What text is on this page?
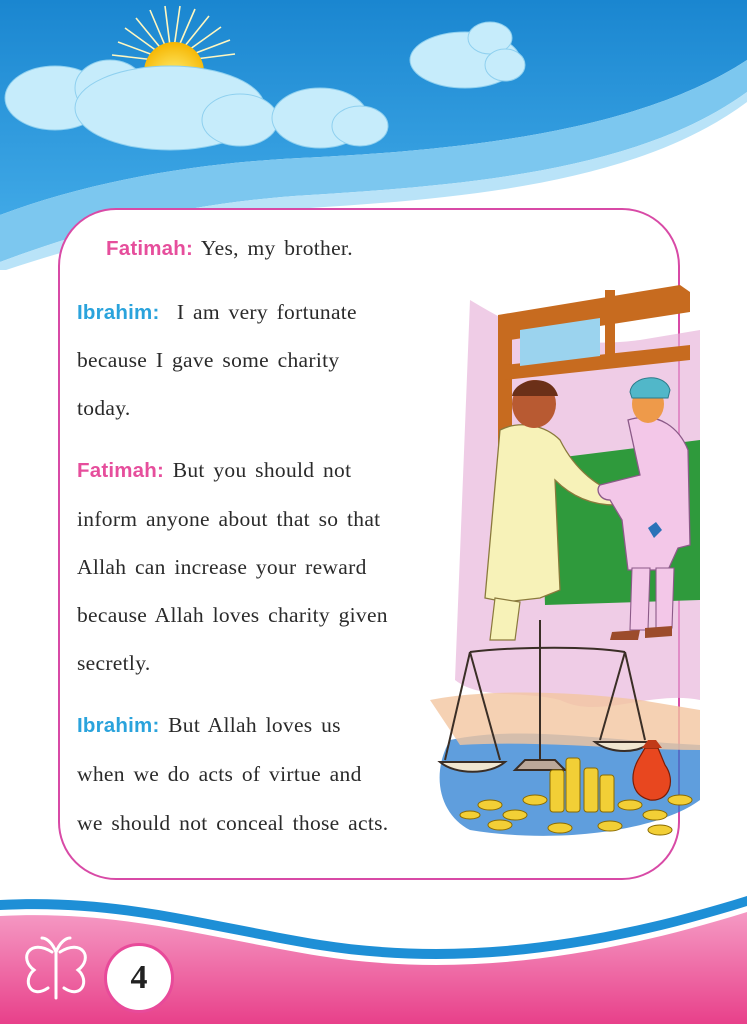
Fatimah: Yes, my brother.
Ibrahim: I am very fortunate
because I gave some charity
today.
Fatimah: But you should not
inform anyone about that so that
Allah can increase your reward
because Allah loves charity given
secretly.
Ibrahim: But Allah loves us
when we do acts of virtue and
we should not conceal those acts.
4
